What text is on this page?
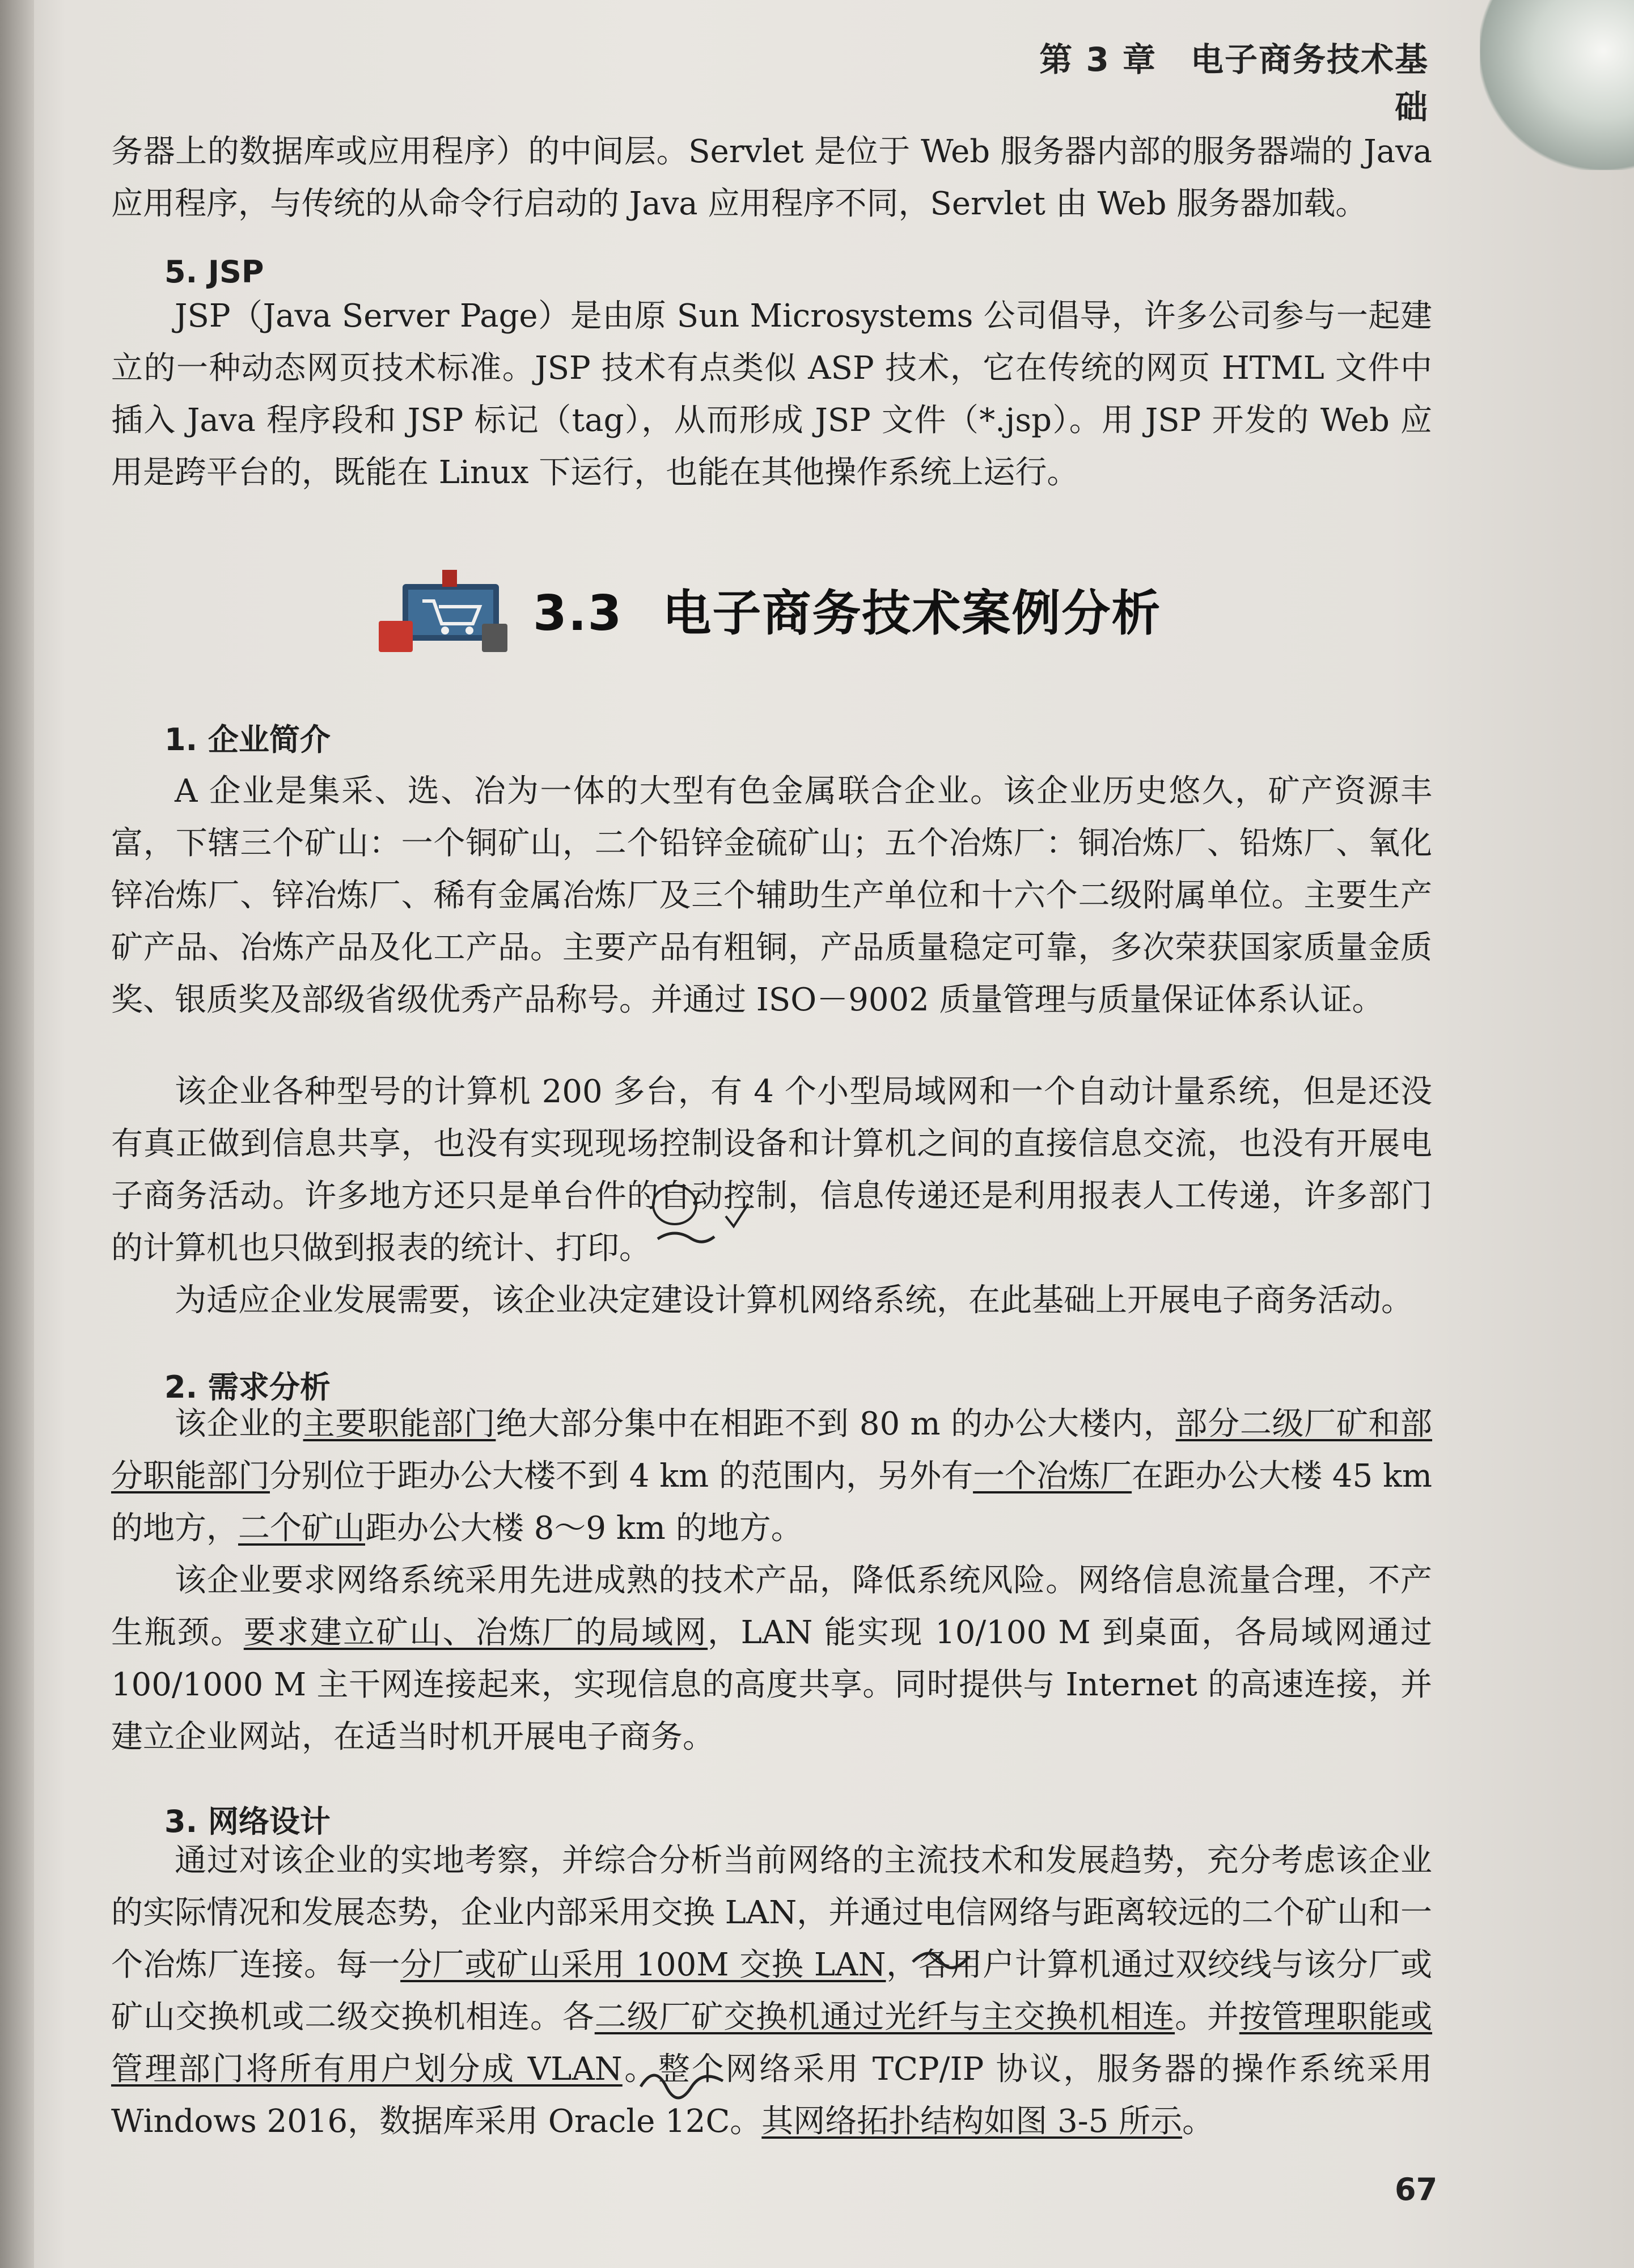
第 3 章　电子商务技术基础

务器上的数据库或应用程序）的中间层。Servlet 是位于 Web 服务器内部的服务器端的 Java 应用程序，与传统的从命令行启动的 Java 应用程序不同，Servlet 由 Web 服务器加载。

5. JSP

JSP（Java Server Page）是由原 Sun Microsystems 公司倡导，许多公司参与一起建立的一种动态网页技术标准。JSP 技术有点类似 ASP 技术，它在传统的网页 HTML 文件中插入 Java 程序段和 JSP 标记（tag），从而形成 JSP 文件（*.jsp）。用 JSP 开发的 Web 应用是跨平台的，既能在 Linux 下运行，也能在其他操作系统上运行。

3.3 电子商务技术案例分析

1. 企业简介

A 企业是集采、选、冶为一体的大型有色金属联合企业。该企业历史悠久，矿产资源丰富，下辖三个矿山：一个铜矿山，二个铅锌金硫矿山；五个冶炼厂：铜冶炼厂、铅炼厂、氧化锌冶炼厂、锌冶炼厂、稀有金属冶炼厂及三个辅助生产单位和十六个二级附属单位。主要生产矿产品、冶炼产品及化工产品。主要产品有粗铜，产品质量稳定可靠，多次荣获国家质量金质奖、银质奖及部级省级优秀产品称号。并通过 ISO－9002 质量管理与质量保证体系认证。

该企业各种型号的计算机 200 多台，有 4 个小型局域网和一个自动计量系统，但是还没有真正做到信息共享，也没有实现现场控制设备和计算机之间的直接信息交流，也没有开展电子商务活动。许多地方还只是单台件的自动控制，信息传递还是利用报表人工传递，许多部门的计算机也只做到报表的统计、打印。

为适应企业发展需要，该企业决定建设计算机网络系统，在此基础上开展电子商务活动。

2. 需求分析

该企业的主要职能部门绝大部分集中在相距不到 80 m 的办公大楼内，部分二级厂矿和部分职能部门分别位于距办公大楼不到 4 km 的范围内，另外有一个冶炼厂在距办公大楼 45 km 的地方，二个矿山距办公大楼 8～9 km 的地方。

该企业要求网络系统采用先进成熟的技术产品，降低系统风险。网络信息流量合理，不产生瓶颈。要求建立矿山、冶炼厂的局域网，LAN 能实现 10/100 M 到桌面，各局域网通过 100/1000 M 主干网连接起来，实现信息的高度共享。同时提供与 Internet 的高速连接，并建立企业网站，在适当时机开展电子商务。

3. 网络设计

通过对该企业的实地考察，并综合分析当前网络的主流技术和发展趋势，充分考虑该企业的实际情况和发展态势，企业内部采用交换 LAN，并通过电信网络与距离较远的二个矿山和一个冶炼厂连接。每一分厂或矿山采用 100M 交换 LAN，各用户计算机通过双绞线与该分厂或矿山交换机或二级交换机相连。各二级厂矿交换机通过光纤与主交换机相连。并按管理职能或管理部门将所有用户划分成 VLAN。整个网络采用 TCP/IP 协议，服务器的操作系统采用 Windows 2016，数据库采用 Oracle 12C。其网络拓扑结构如图 3-5 所示。

67
